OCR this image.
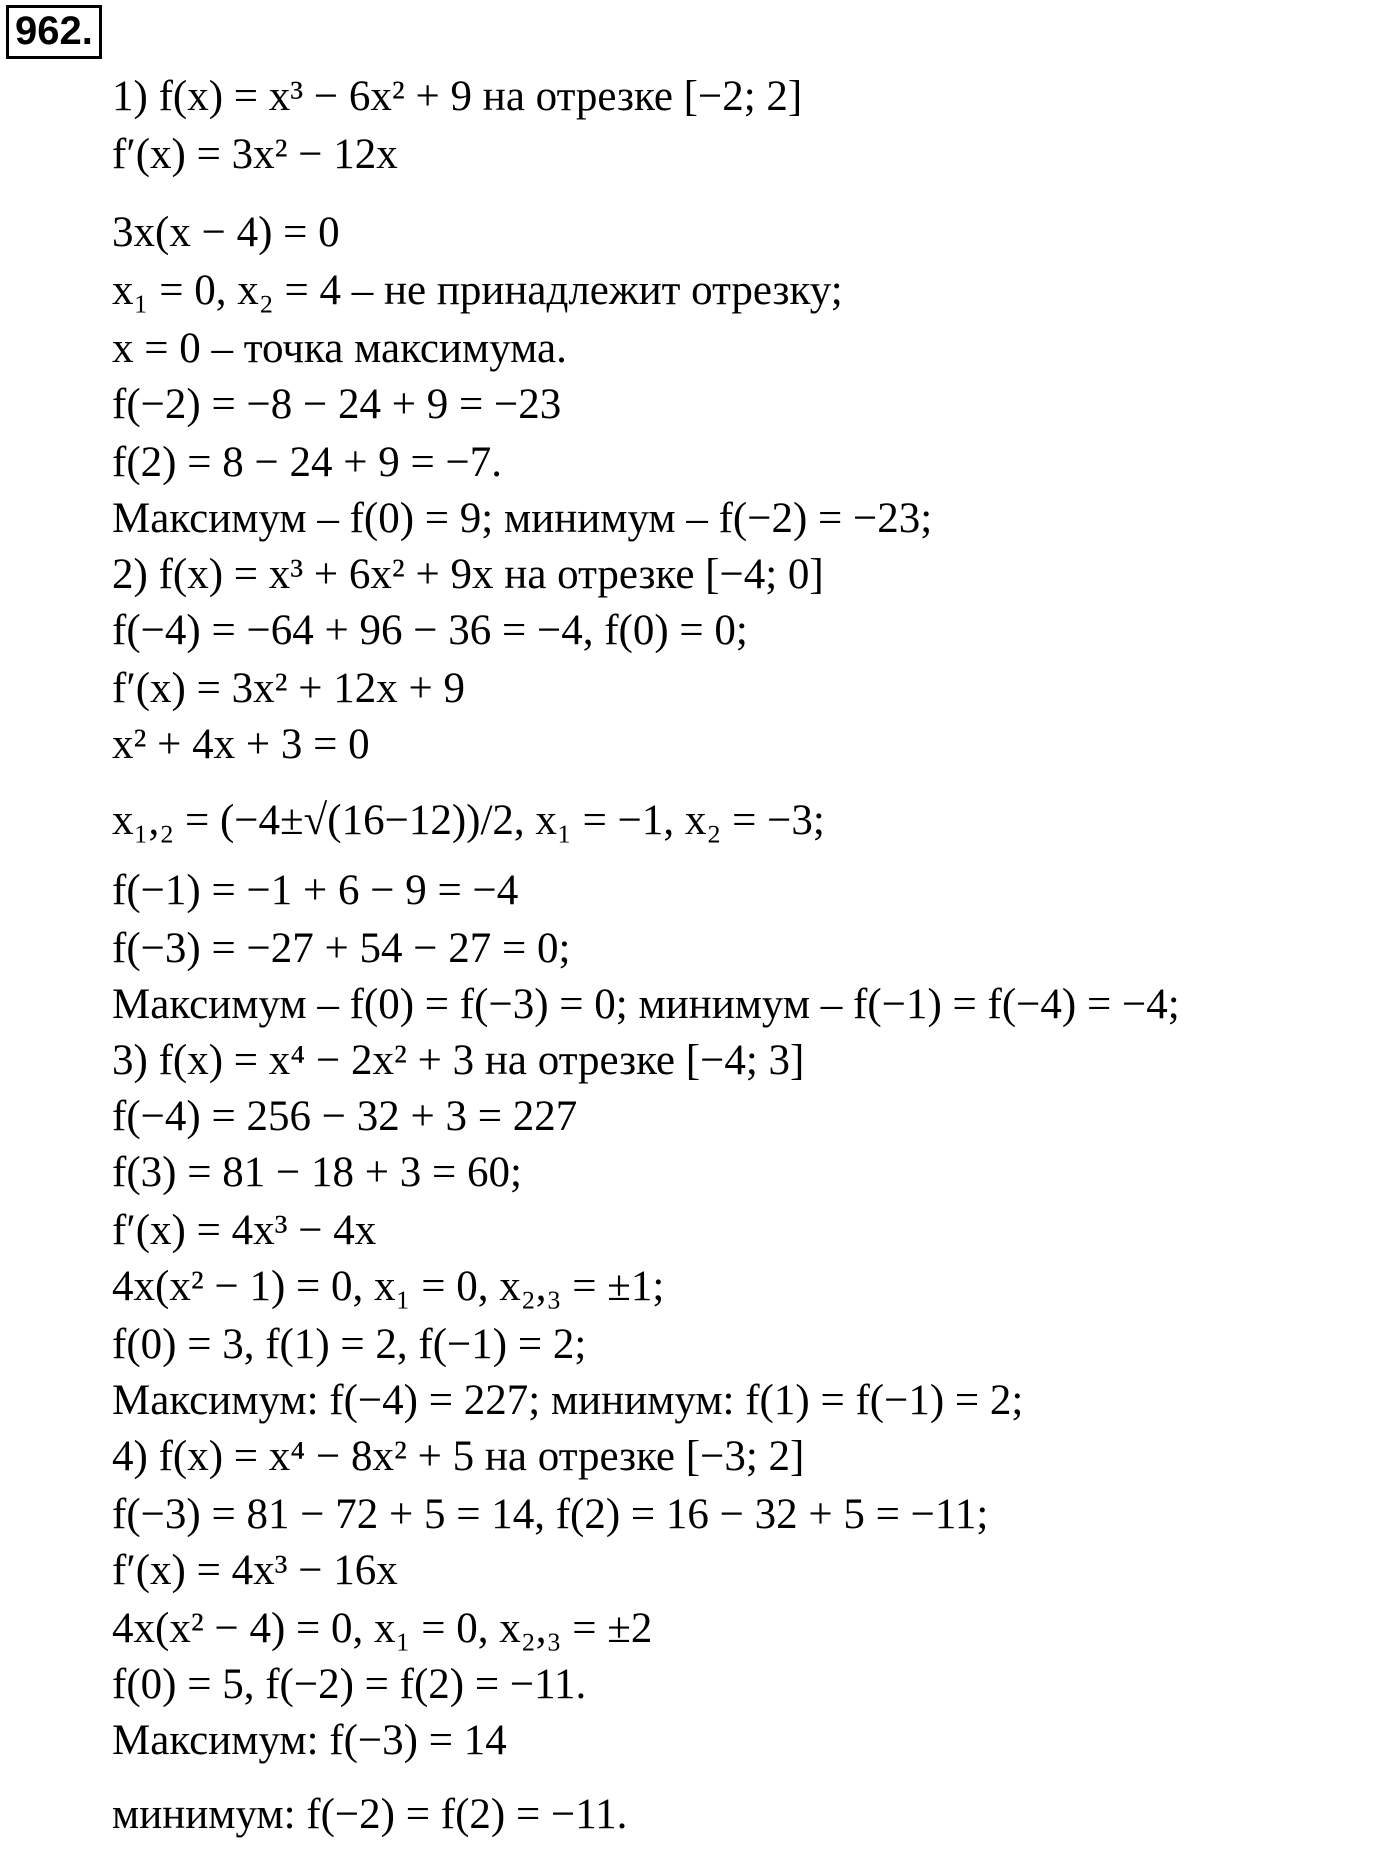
962.
1) f(x) = x³ − 6x² + 9 на отрезке [−2; 2]
f′(x) = 3x² − 12x
3x(x − 4) = 0
x₁ = 0, x₂ = 4 – не принадлежит отрезку;
x = 0 – точка максимума.
f(−2) = −8 − 24 + 9 = −23
f(2) = 8 − 24 + 9 = −7.
Максимум – f(0) = 9; минимум – f(−2) = −23;
2) f(x) = x³ + 6x² + 9x на отрезке [−4; 0]
f(−4) = −64 + 96 − 36 = −4, f(0) = 0;
f′(x) = 3x² + 12x + 9
x² + 4x + 3 = 0
x₁,₂ = (−4±√(16−12))/2, x₁ = −1, x₂ = −3;
f(−1) = −1 + 6 − 9 = −4
f(−3) = −27 + 54 − 27 = 0;
Максимум – f(0) = f(−3) = 0; минимум – f(−1) = f(−4) = −4;
3) f(x) = x⁴ − 2x² + 3 на отрезке [−4; 3]
f(−4) = 256 − 32 + 3 = 227
f(3) = 81 − 18 + 3 = 60;
f′(x) = 4x³ − 4x
4x(x² − 1) = 0, x₁ = 0, x₂,₃ = ±1;
f(0) = 3, f(1) = 2, f(−1) = 2;
Максимум: f(−4) = 227; минимум: f(1) = f(−1) = 2;
4) f(x) = x⁴ − 8x² + 5 на отрезке [−3; 2]
f(−3) = 81 − 72 + 5 = 14, f(2) = 16 − 32 + 5 = −11;
f′(x) = 4x³ − 16x
4x(x² − 4) = 0, x₁ = 0, x₂,₃ = ±2
f(0) = 5, f(−2) = f(2) = −11.
Максимум: f(−3) = 14
минимум: f(−2) = f(2) = −11.
